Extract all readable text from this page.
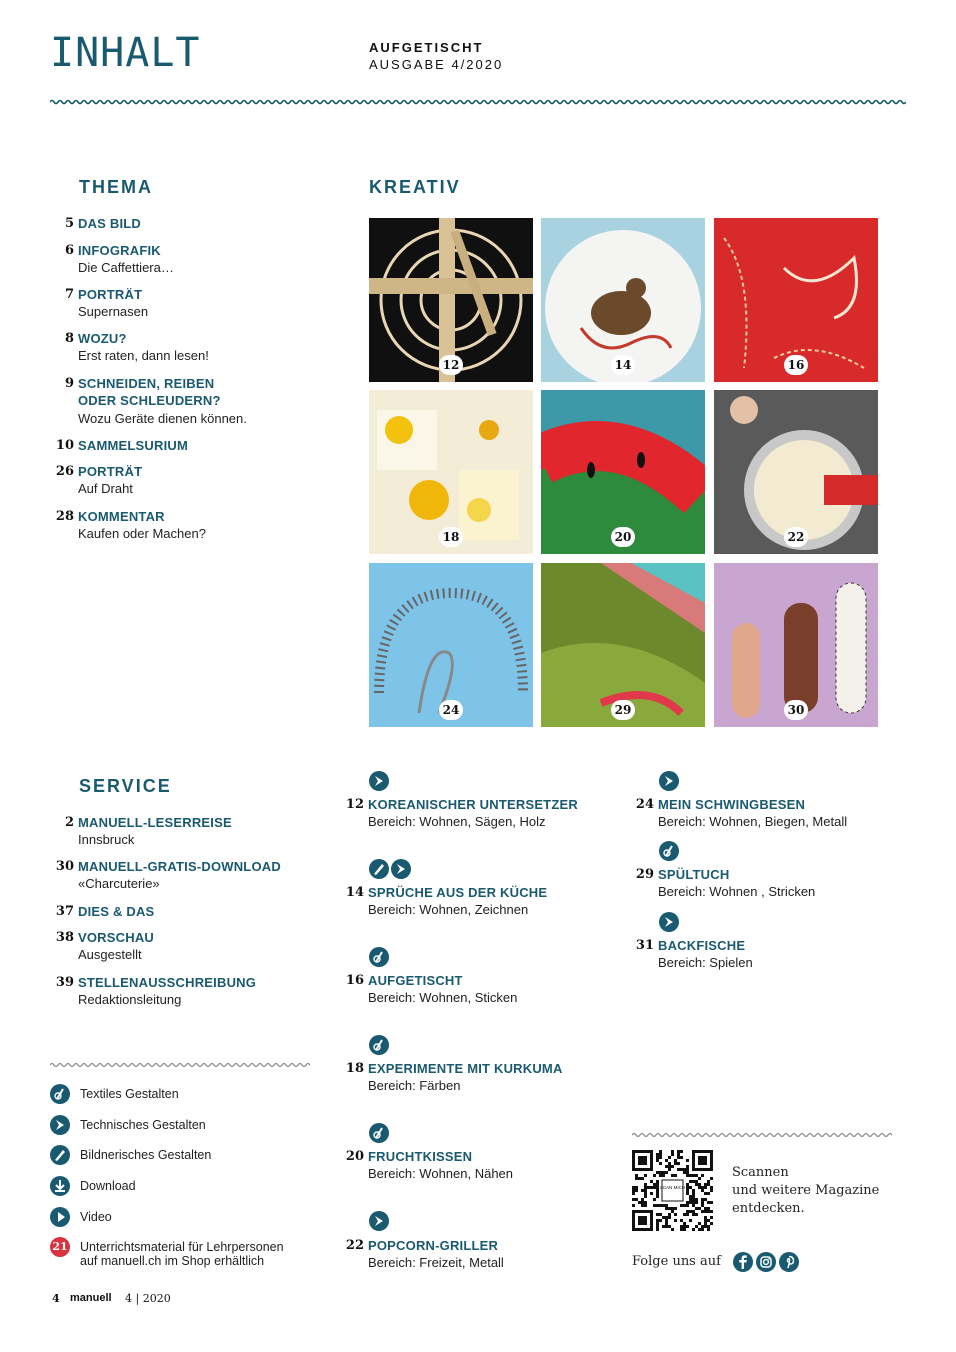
INHALT	AUFGETISCHT
AUSGABE 4/2020
THEMA
5 DAS BILD
6 INFOGRAFIK
Die Caffettiera…
7 PORTRÄT
Supernasen
8 WOZU?
Erst raten, dann lesen!
9 SCHNEIDEN, REIBEN
ODER SCHLEUDERN?
Wozu Geräte dienen können.
10 SAMMELSURIUM
26 PORTRÄT
Auf Draht
28 KOMMENTAR
Kaufen oder Machen?
KREATIV
12	14	16
18	20	22
24	29	30
SERVICE
2 MANUELL-LESERREISE
Innsbruck
30 MANUELL-GRATIS-DOWNLOAD
«Charcuterie»
37 DIES & DAS
38 VORSCHAU
Ausgestellt
39 STELLENAUSSCHREIBUNG
Redaktionsleitung
12 KOREANISCHER UNTERSETZER
Bereich: Wohnen, Sägen, Holz
14 SPRÜCHE AUS DER KÜCHE
Bereich: Wohnen, Zeichnen
16 AUFGETISCHT
Bereich: Wohnen, Sticken
18 EXPERIMENTE MIT KURKUMA
Bereich: Färben
20 FRUCHTKISSEN
Bereich: Wohnen, Nähen
22 POPCORN-GRILLER
Bereich: Freizeit, Metall
24 MEIN SCHWINGBESEN
Bereich: Wohnen, Biegen, Metall
29 SPÜLTUCH
Bereich: Wohnen , Stricken
31 BACKFISCHE
Bereich: Spielen
Textiles Gestalten
Technisches Gestalten
Bildnerisches Gestalten
Download
Video
21 Unterrichtsmaterial für Lehrpersonen
auf manuell.ch im Shop erhältlich
SCAN MICH
Scannen
und weitere Magazine
entdecken.
Folge uns auf
4 manuell 4 | 2020
